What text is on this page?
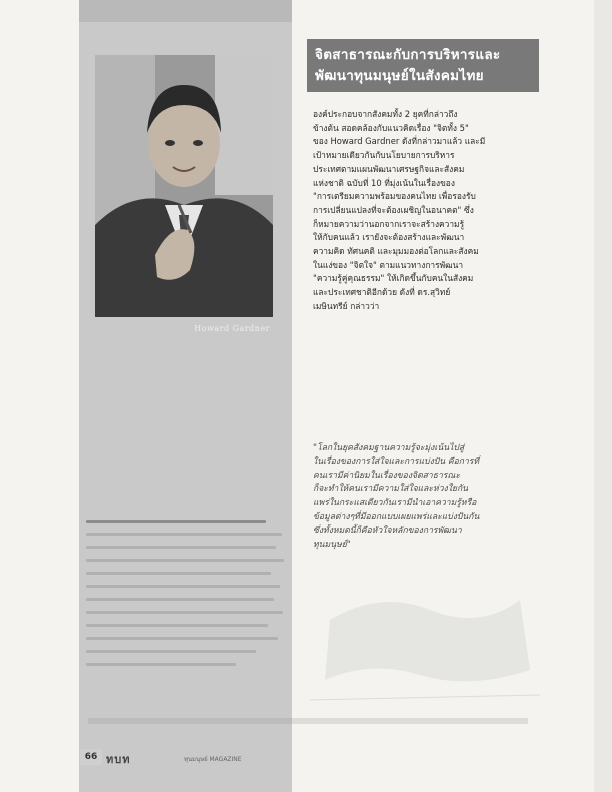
Howard Gardner
จิตสาธารณะกับการบริหารและ
พัฒนาทุนมนุษย์ในสังคมไทย
องค์ประกอบจากสังคมทั้ง 2 ยุคที่กล่าวถึง
ข้างต้น สอดคล้องกับแนวคิดเรื่อง "จิตทั้ง 5"
ของ Howard Gardner ดังที่กล่าวมาแล้ว และมี
เป้าหมายเดียวกันกับนโยบายการบริหาร
ประเทศตามแผนพัฒนาเศรษฐกิจและสังคม
แห่งชาติ ฉบับที่ 10 ที่มุ่งเน้นในเรื่องของ
"การเตรียมความพร้อมของคนไทย เพื่อรองรับ
การเปลี่ยนแปลงที่จะต้องเผชิญในอนาคต" ซึ่ง
ก็หมายความว่านอกจากเราจะสร้างความรู้
ให้กับคนแล้ว เรายังจะต้องสร้างและพัฒนา
ความคิด ทัศนคติ และมุมมองต่อโลกและสังคม
ในแง่ของ "จิตใจ" ตามแนวทางการพัฒนา
"ความรู้คู่คุณธรรม" ให้เกิดขึ้นกับคนในสังคม
และประเทศชาติอีกด้วย ดังที่ ดร.สุวิทย์
เมษินทรีย์ กล่าวว่า
"โลกในยุคสังคมฐานความรู้จะมุ่งเน้นไปสู่
ในเรื่องของการใส่ใจและการแบ่งปัน คือการที่
คนเรามีค่านิยมในเรื่องของจิตสาธารณะ
ก็จะทำให้คนเรามีความใส่ใจและห่วงใยกัน
แพร่ในกระแสเดียวกันเรามีนำเอาความรู้หรือ
ข้อมูลต่างๆที่มีออกแบบเผยแพร่และแบ่งปันกัน
ซึ่งทั้งหมดนี้ก็คือหัวใจหลักของการพัฒนา
ทุนมนุษย์"
66 ทบท	ทุนมนุษย์ MAGAZINE
